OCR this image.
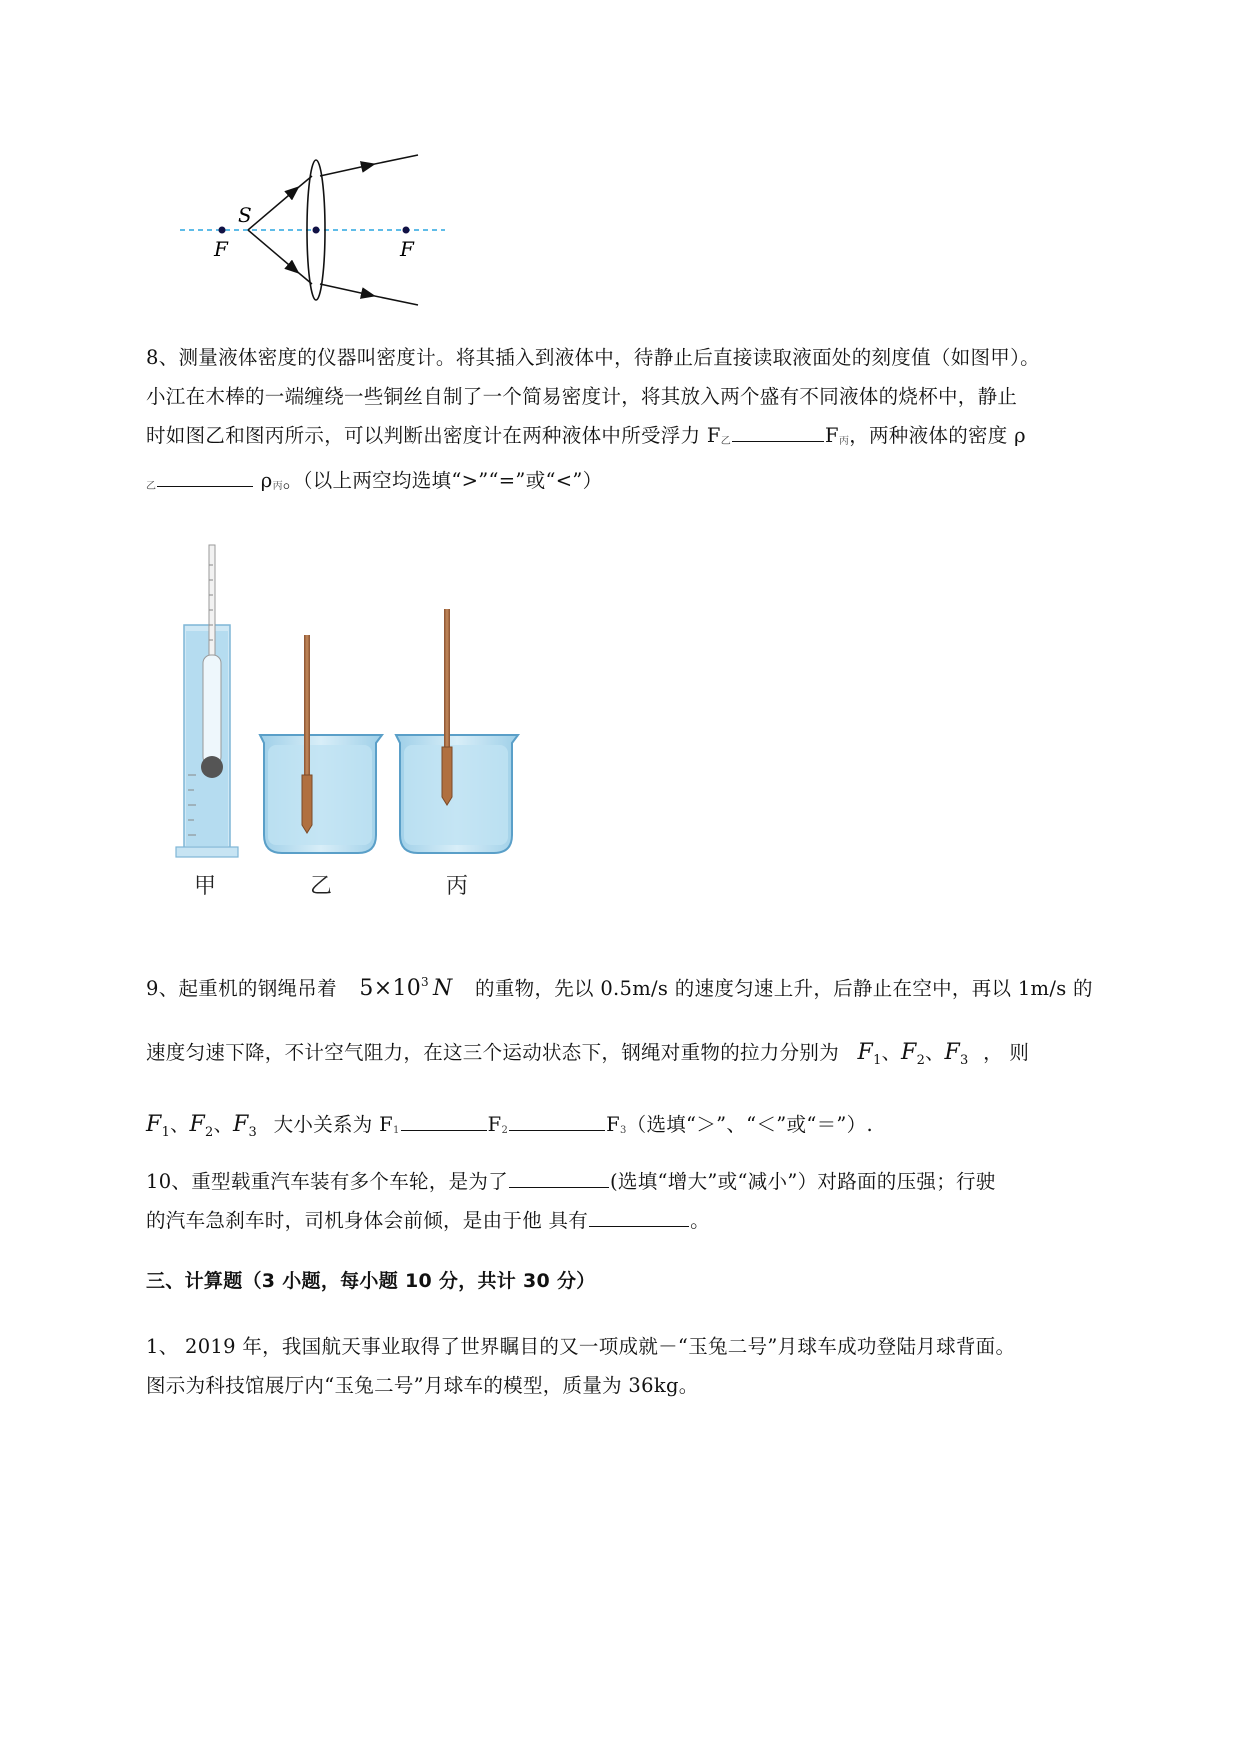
S
F	F
8、测量液体密度的仪器叫密度计。将其插入到液体中，待静止后直接读取液面处的刻度值（如图甲）。
小江在木棒的一端缠绕一些铜丝自制了一个简易密度计，将其放入两个盛有不同液体的烧杯中，静止
时如图乙和图丙所示，可以判断出密度计在两种液体中所受浮力 $F_乙$	$F_丙$，两种液体的密度 ρ
$_乙$	$\rho_丙$。（以上两空均选填“>”“=”或“<”）
甲	乙	丙
9、起重机的钢绳吊着 $5\times 10^3$ N 的重物，先以 0.5m/s 的速度匀速上升，后静止在空中，再以 1m/s 的
速度匀速下降，不计空气阻力，在这三个运动状态下，钢绳对重物的拉力分别为 $F_1$、$F_2$、$F_3$ ， 则
$F_1$、$F_2$、$F_3$ 大小关系为 $F_1$	$F_2$	$F_3$（选填“＞”、“＜”或“＝”）.
10、重型载重汽车装有多个车轮，是为了	(选填“增大”或“减小”）对路面的压强；行驶
的汽车急刹车时，司机身体会前倾，是由于他 具有	。
三、计算题（3 小题，每小题 10 分，共计 30 分）
1、 2019 年，我国航天事业取得了世界瞩目的又一项成就－“玉兔二号”月球车成功登陆月球背面。
图示为科技馆展厅内“玉兔二号”月球车的模型，质量为 36kg。
